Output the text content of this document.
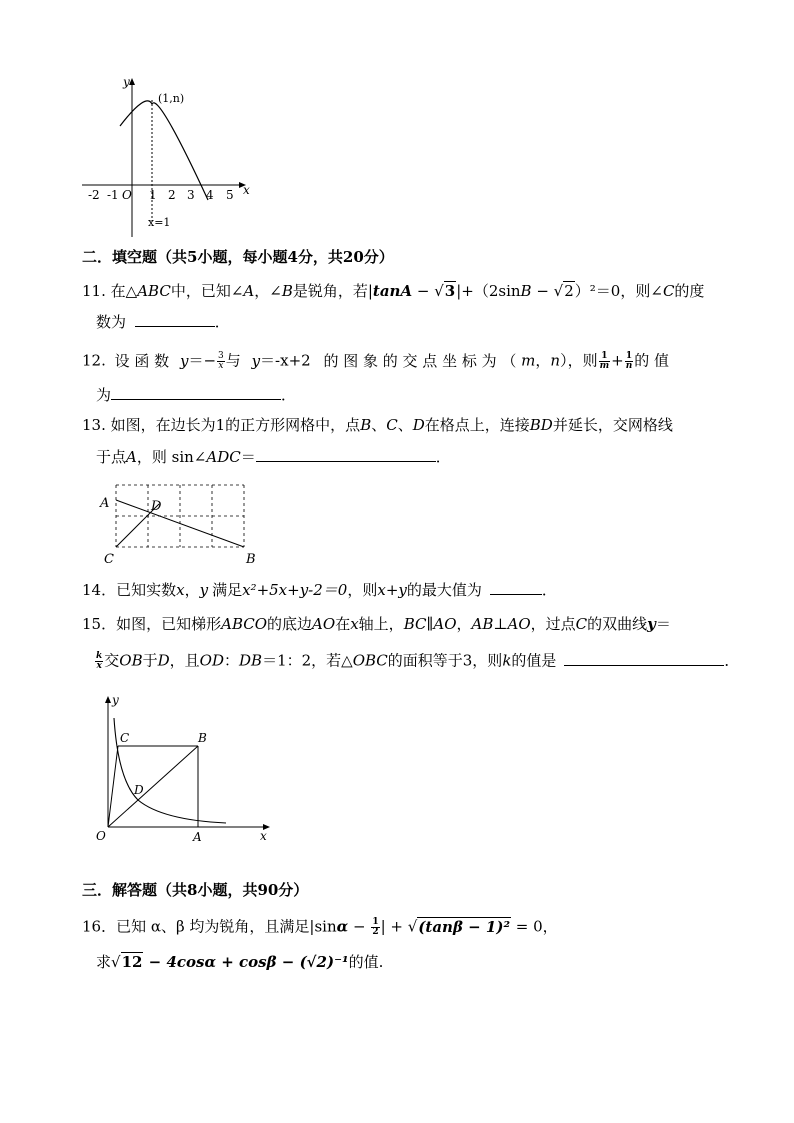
y
x
O
-2 -1	1 2 3 4 5
(1,n)
x=1
二．填空题（共5小题，每小题4分，共20分）
11. 在△ABC中，已知∠A，∠B是锐角，若|tanA − √3|+（2sinB − √2）²＝0，则∠C的度
数为	．
12. 设 函 数 $y=- \frac{3}{x}$ 与 y＝-x+2 的 图 象 的 交 点 坐 标 为 （ m，n），则 $\frac{1}{m} + \frac{1}{n}$ 的 值
为	．
13. 如图，在边长为1的正方形网格中，点B、C、D在格点上，连接BD并延长，交网格线
于点A，则 sin∠ADC＝	．
A	D
C	B
14．已知实数x，y 满足x²+5x+y-2＝0，则x+y的最大值为	．
15．如图，已知梯形ABCO的底边AO在x轴上，BC∥AO，AB⊥AO，过点C的双曲线y＝
$\frac{k}{x}$ 交OB于D，且OD：DB＝1：2，若△OBC的面积等于3，则k的值是	．
y
x
O
C	B
D
A
三．解答题（共8小题，共90分）
16．已知 α、β 均为锐角，且满足$|\sin\alpha - \frac{1}{2}$ | + √(tanβ − 1)² = 0，
求√12 − 4cosα + cosβ − (√2)⁻¹的值.
